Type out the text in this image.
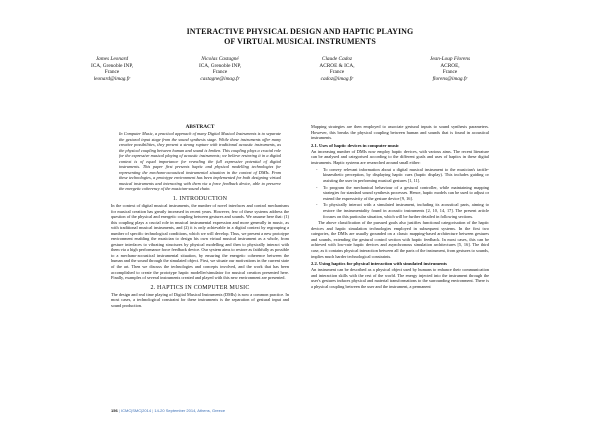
INTERACTIVE PHYSICAL DESIGN AND HAPTIC PLAYING
OF VIRTUAL MUSICAL INSTRUMENTS
James Leonard
ICA, Grenoble INP,
France
leonard@imag.fr
Nicolas Castagné
ICA, Grenoble INP,
France
castagne@imag.fr
Claude Cadoz
ACROE & ICA,
France
cadoz@imag.fr
Jean-Loup Florens
ACROE,
France
florens@imag.fr
ABSTRACT

In Computer Music, a practical approach of many Digital Musical Instruments is to separate the gestural input stage from the sound synthesis stage. While these instruments offer many creative possibilities, they present a strong rupture with traditional acoustic instruments, as the physical coupling between human and sound is broken. This coupling plays a crucial role for the expressive musical playing of acoustic instruments; we believe restoring it in a digital context is of equal importance for revealing the full expressive potential of digital instruments. This paper first presents haptic and physical modelling technologies for representing the mechano-acoustical instrumental situation in the context of DMIs. From these technologies, a prototype environment has been implemented for both designing virtual musical instruments and interacting with them via a force feedback device, able to preserve the energetic coherency of the musician-sound chain.

1. INTRODUCTION

In the context of digital musical instruments, the number of novel interfaces and control mechanisms for musical creation has greatly increased in recent years. However, few of these systems address the question of the physical and energetic coupling between gestures and sounds. We assume here that: (1) this coupling plays a crucial role in musical instrumental expression and more generally in music, as with traditional musical instruments, and (2) it is only achievable in a digital context by regrouping a number of specific technological conditions, which we will develop. Thus, we present a new prototype environment enabling the musician to design his own virtual musical instrument as a whole, from gesture interfaces to vibrating structures by physical modelling and then to physically interact with them via a high performance force feedback device. Our system aims to restore as faithfully as possible to a mechano-acoustical instrumental situation, by ensuring the energetic coherence between the human and the sound through the simulated object. First, we situate our motivations in the current state of the art. Then we discuss the technologies and concepts involved, and the work that has been accomplished to create the prototype haptic modeller/simulator for musical creation presented here. Finally, examples of several instruments created and played with this new environment are presented.

2. HAPTICS IN COMPUTER MUSIC

The design and real time playing of Digital Musical Instruments (DMIs) is now a common practice. In most cases, a technological constraint for these instruments is the separation of gestural input and sound production.

Mapping strategies are then employed to associate gestural inputs to sound synthesis parameters. However, this breaks the physical coupling between human and sounds that is found in acoustical instruments.

2.1. Uses of haptic devices in computer music

An increasing number of DMIs now employ haptic devices, with various aims. The recent literature can be analysed and categorised according to the different goals and uses of haptics in these digital instruments. Haptic systems are researched around small either:

- To convey relevant information about a digital musical instrument to the musician's tactile-kinaesthetic perception, by displaying haptic cues (haptic display). This includes guiding or assisting the user in performing musical gestures [1, 11].
- To program the mechanical behaviour of a gestural controller, while maintaining mapping strategies for standard sound synthesis processes. Hence, haptic models can be used to adjust or extend the expressivity of the gesture device [9, 16].
- To physically interact with a simulated instrument, including its acoustical parts, aiming to restore the instrumentality found in acoustic instruments [2, 10, 14, 17]. The present article focuses on this particular situation, which will be further detailed in following sections.

The above classification of the pursued goals also justifies functional categorisation of the haptic devices and haptic simulation technologies employed in subsequent systems. In the first two categories, the DMIs are usually grounded on a classic mapping-based architecture between gestures and sounds, extending the gestural control section with haptic feedback. In most cases, this can be achieved with low-rate haptic devices and asynchronous simulation architectures [5, 16]. The third case, as it contains physical interaction between all the parts of the instrument, from gestures to sounds, implies much harder technological constraints.

2.2. Using haptics for physical interaction with simulated instruments

An instrument can be described as a physical object used by humans to enhance their communication and interaction skills with the rest of the world. The energy injected into the instrument through the user's gestures induces physical and material transformations to the surrounding environment. There is a physical coupling between the user and the instrument, a permanent

156 | ICMC|SMC|2014 | 14-20 September 2014, Athens, Greece
